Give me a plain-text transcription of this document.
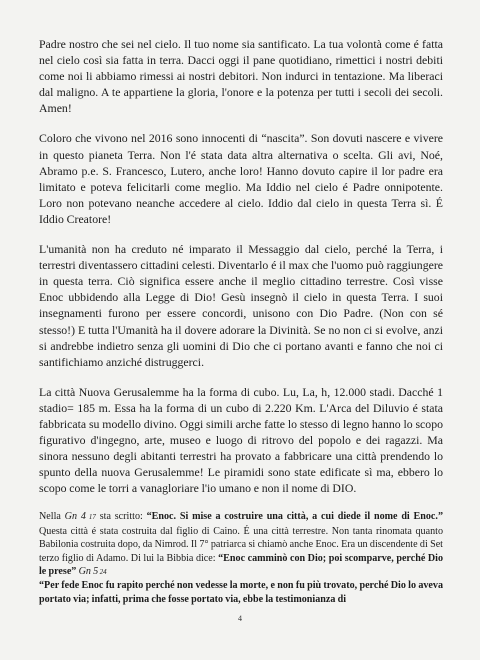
Padre nostro che sei nel cielo. Il tuo nome sia santificato. La tua volontà come é fatta nel cielo così sia fatta in terra. Dacci oggi il pane quotidiano, rimettici i nostri debiti come noi li abbiamo rimessi ai nostri debitori. Non indurci in tentazione. Ma liberaci dal maligno. A te appartiene la gloria, l'onore e la potenza per tutti i secoli dei secoli. Amen!

Coloro che vivono nel 2016 sono innocenti di “nascita”. Son dovuti nascere e vivere in questo pianeta Terra. Non l'é stata data altra alternativa o scelta. Gli avi, Noé, Abramo p.e. S. Francesco, Lutero, anche loro! Hanno dovuto capire il lor padre era limitato e poteva felicitarli come meglio. Ma Iddio nel cielo é Padre onnipotente. Loro non potevano neanche accedere al cielo. Iddio dal cielo in questa Terra sì. É Iddio Creatore!

L'umanità non ha creduto né imparato il Messaggio dal cielo, perché la Terra, i terrestri diventassero cittadini celesti. Diventarlo é il max che l'uomo può raggiungere in questa terra. Ciò significa essere anche il meglio cittadino terrestre. Così visse Enoc ubbidendo alla Legge di Dio! Gesù insegnò il cielo in questa Terra. I suoi insegnamenti furono per essere concordi, unisono con Dio Padre. (Non con sé stesso!) E tutta l'Umanità ha il dovere adorare la Divinità. Se no non ci si evolve, anzi si andrebbe indietro senza gli uomini di Dio che ci portano avanti e fanno che noi ci santifichiamo anziché distruggerci.

La città Nuova Gerusalemme ha la forma di cubo. Lu, La, h, 12.000 stadi. Dacché 1 stadio= 185 m. Essa ha la forma di un cubo di 2.220 Km. L'Arca del Diluvio é stata fabbricata su modello divino. Oggi simili arche fatte lo stesso di legno hanno lo scopo figurativo d'ingegno, arte, museo e luogo di ritrovo del popolo e dei ragazzi. Ma sinora nessuno degli abitanti terrestri ha provato a fabbricare una città prendendo lo spunto della nuova Gerusalemme! Le piramidi sono state edificate sì ma, ebbero lo scopo come le torri a vanagloriare l'io umano e non il nome di DIO.

Nella Gn 4 17 sta scritto: “Enoc. Si mise a costruire una città, a cui diede il nome di Enoc.” Questa città é stata costruita dal figlio di Caino. É una città terrestre. Non tanta rinomata quanto Babilonia costruita dopo, da Nimrod. Il 7° patriarca si chiamò anche Enoc. Era un discendente di Set terzo figlio di Adamo. Di lui la Bibbia dice: “Enoc camminò con Dio; poi scomparve, perché Dio le prese” Gn 5 24

“Per fede Enoc fu rapito perché non vedesse la morte, e non fu più trovato, perché Dio lo aveva portato via; infatti, prima che fosse portato via, ebbe la testimonianza di

4
